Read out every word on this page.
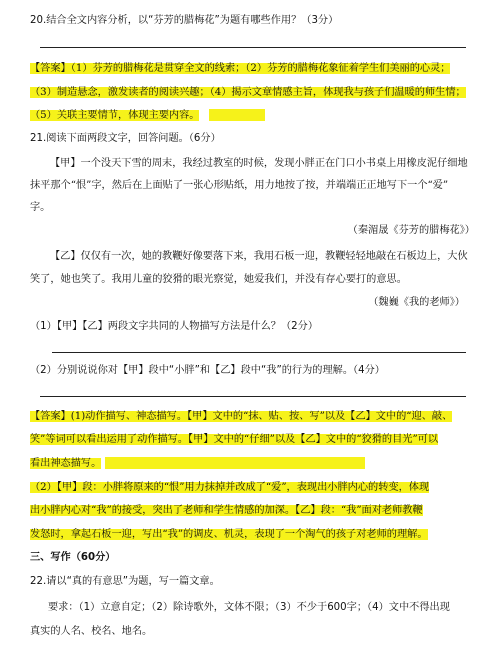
20.结合全文内容分析，以“芬芳的腊梅花”为题有哪些作用？（3分）
【答案】（1）芬芳的腊梅花是贯穿全文的线索；（2）芬芳的腊梅花象征着学生们美丽的心灵；
（3）制造悬念，激发读者的阅读兴趣；（4）揭示文章情感主旨，体现我与孩子们温暖的师生情；
（5）关联主要情节，体现主要内容。
21.阅读下面两段文字，回答问题。（6分）
【甲】一个没天下雪的周末，我经过教室的时候，发现小胖正在门口小书桌上用橡皮泥仔细地
抹平那个“恨”字，然后在上面贴了一张心形贴纸，用力地按了按，并端端正正地写下一个“爱”
字。
（秦湄晟《芬芳的腊梅花》）
【乙】仅仅有一次，她的教鞭好像要落下来，我用石板一迎，教鞭轻轻地敲在石板边上，大伙
笑了，她也笑了。我用儿童的狡猾的眼光察觉，她爱我们，并没有存心要打的意思。
（魏巍《我的老师》）
（1）【甲】【乙】两段文字共同的人物描写方法是什么？（2分）
（2）分别说说你对【甲】段中“小胖”和【乙】段中“我”的行为的理解。（4分）
【答案】(1)动作描写、神态描写。【甲】文中的“抹、贴、按、写”以及【乙】文中的“迎、敲、
笑”等词可以看出运用了动作描写。【甲】文中的“仔细”以及【乙】文中的“狡猾的目光”可以
看出神态描写。
（2）【甲】段：小胖将原来的“恨”用力抹掉并改成了“爱”，表现出小胖内心的转变，体现
出小胖内心对“我”的接受，突出了老师和学生情感的加深。【乙】段：“我”面对老师教鞭
发怒时，拿起石板一迎，写出“我”的调皮、机灵，表现了一个淘气的孩子对老师的理解。
三、写作（60分）
22.请以“真的有意思”为题，写一篇文章。
要求：（1）立意自定；（2）除诗歌外，文体不限；（3）不少于600字；（4）文中不得出现
真实的人名、校名、地名。
